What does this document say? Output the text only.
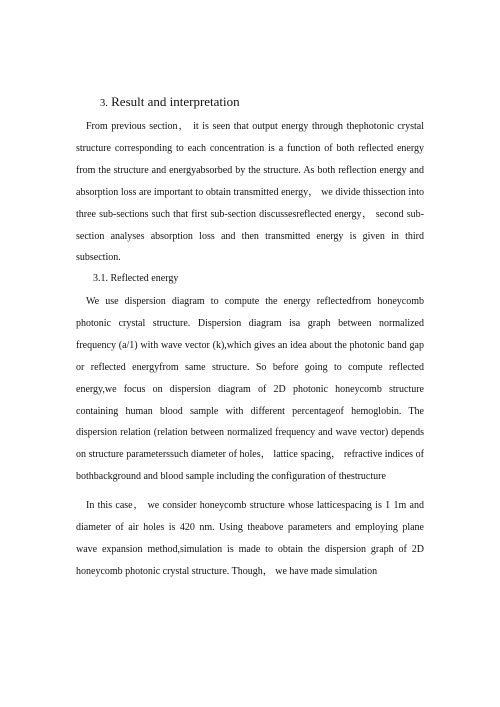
3. Result and interpretation

From previous section， it is seen that output energy through thephotonic crystal structure corresponding to each concentration is a function of both reflected energy from the structure and energyabsorbed by the structure. As both reflection energy and absorption loss are important to obtain transmitted energy， we divide thissection into three sub-sections such that first sub-section discussesreflected energy， second sub-section analyses absorption loss and then transmitted energy is given in third subsection.

3.1. Reflected energy

We use dispersion diagram to compute the energy reflectedfrom honeycomb photonic crystal structure. Dispersion diagram isa graph between normalized frequency (a/1) with wave vector (k),which gives an idea about the photonic band gap or reflected energyfrom same structure. So before going to compute reflected energy,we focus on dispersion diagram of 2D photonic honeycomb structure containing human blood sample with different percentageof hemoglobin. The dispersion relation (relation between normalized frequency and wave vector) depends on structure parameterssuch diameter of holes， lattice spacing， refractive indices of bothbackground and blood sample including the configuration of thestructure

In this case， we consider honeycomb structure whose latticespacing is 1 1m and diameter of air holes is 420 nm. Using theabove parameters and employing plane wave expansion method,simulation is made to obtain the dispersion graph of 2D honeycomb photonic crystal structure. Though， we have made simulation
